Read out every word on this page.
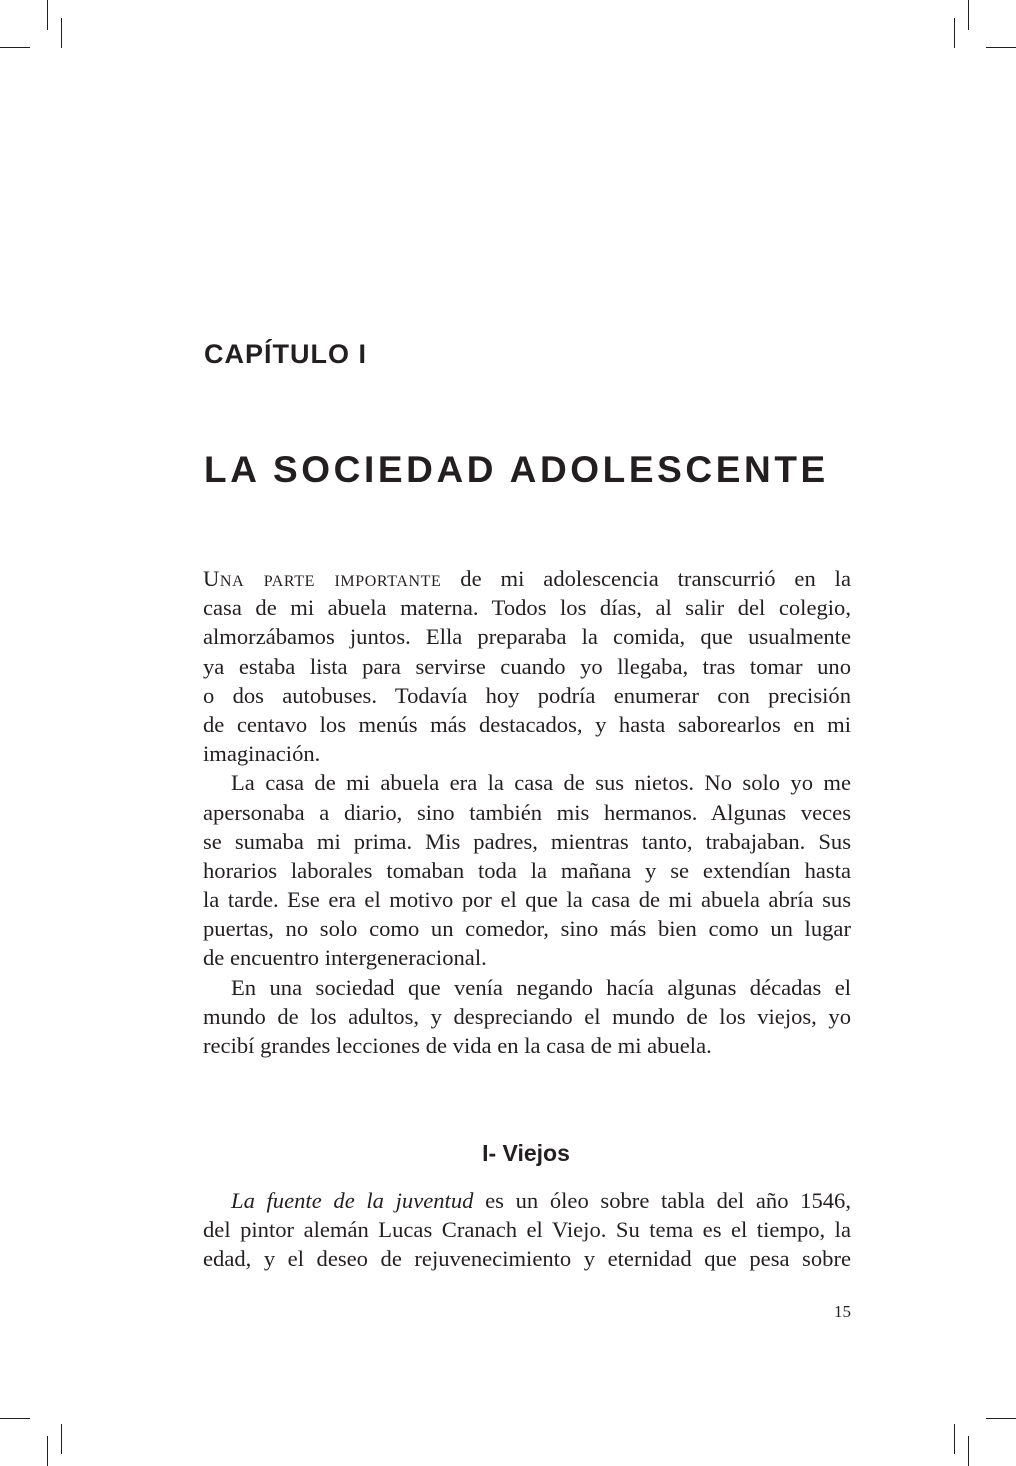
CAPÍTULO I
LA SOCIEDAD ADOLESCENTE
Una parte importante de mi adolescencia transcurrió en la
casa de mi abuela materna. Todos los días, al salir del colegio,
almorzábamos juntos. Ella preparaba la comida, que usualmente
ya estaba lista para servirse cuando yo llegaba, tras tomar uno
o dos autobuses. Todavía hoy podría enumerar con precisión
de centavo los menús más destacados, y hasta saborearlos en mi
imaginación.
La casa de mi abuela era la casa de sus nietos. No solo yo me
apersonaba a diario, sino también mis hermanos. Algunas veces
se sumaba mi prima. Mis padres, mientras tanto, trabajaban. Sus
horarios laborales tomaban toda la mañana y se extendían hasta
la tarde. Ese era el motivo por el que la casa de mi abuela abría sus
puertas, no solo como un comedor, sino más bien como un lugar
de encuentro intergeneracional.
En una sociedad que venía negando hacía algunas décadas el
mundo de los adultos, y despreciando el mundo de los viejos, yo
recibí grandes lecciones de vida en la casa de mi abuela.
I- Viejos
La fuente de la juventud es un óleo sobre tabla del año 1546,
del pintor alemán Lucas Cranach el Viejo. Su tema es el tiempo, la
edad, y el deseo de rejuvenecimiento y eternidad que pesa sobre
15
